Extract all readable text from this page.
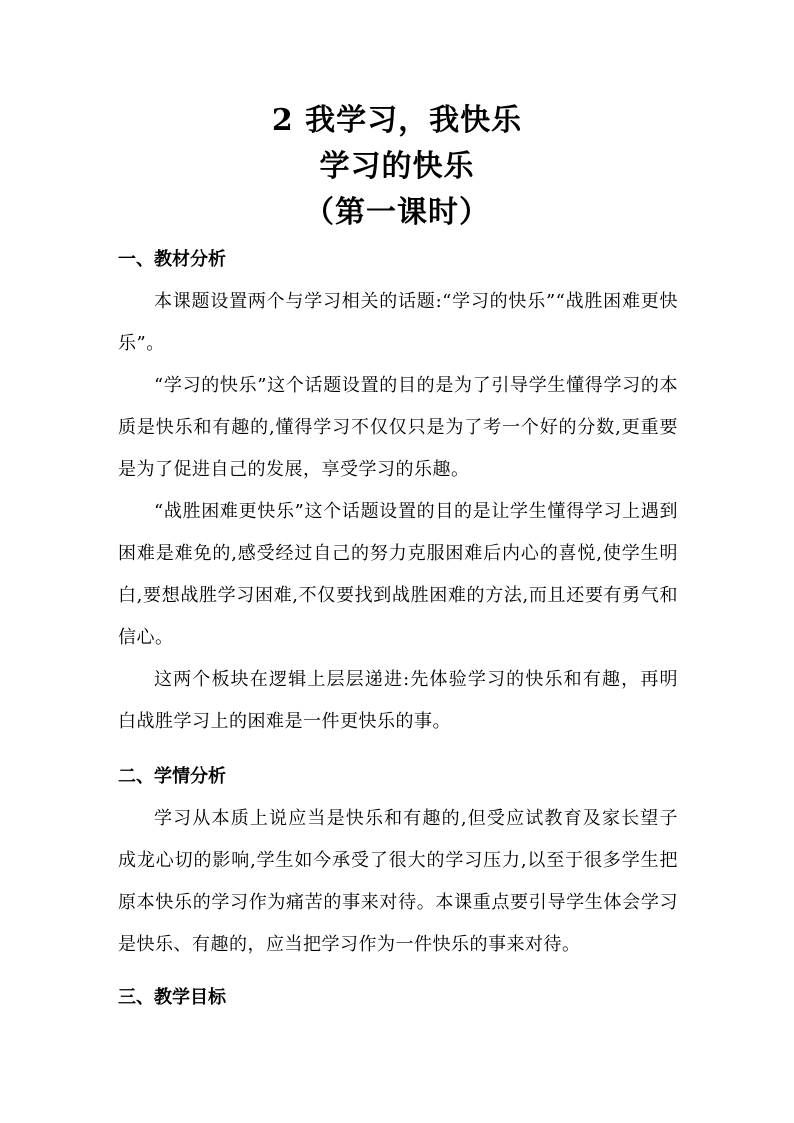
2 我学习，我快乐
学习的快乐
（第一课时）
一、教材分析
本课题设置两个与学习相关的话题:“学习的快乐”“战胜困难更快乐”。
“学习的快乐”这个话题设置的目的是为了引导学生懂得学习的本质是快乐和有趣的,懂得学习不仅仅只是为了考一个好的分数,更重要是为了促进自己的发展，享受学习的乐趣。
“战胜困难更快乐”这个话题设置的目的是让学生懂得学习上遇到困难是难免的,感受经过自己的努力克服困难后内心的喜悦,使学生明白,要想战胜学习困难,不仅要找到战胜困难的方法,而且还要有勇气和信心。
这两个板块在逻辑上层层递进:先体验学习的快乐和有趣，再明白战胜学习上的困难是一件更快乐的事。
二、学情分析
学习从本质上说应当是快乐和有趣的,但受应试教育及家长望子成龙心切的影响,学生如今承受了很大的学习压力,以至于很多学生把原本快乐的学习作为痛苦的事来对待。本课重点要引导学生体会学习是快乐、有趣的，应当把学习作为一件快乐的事来对待。
三、教学目标
